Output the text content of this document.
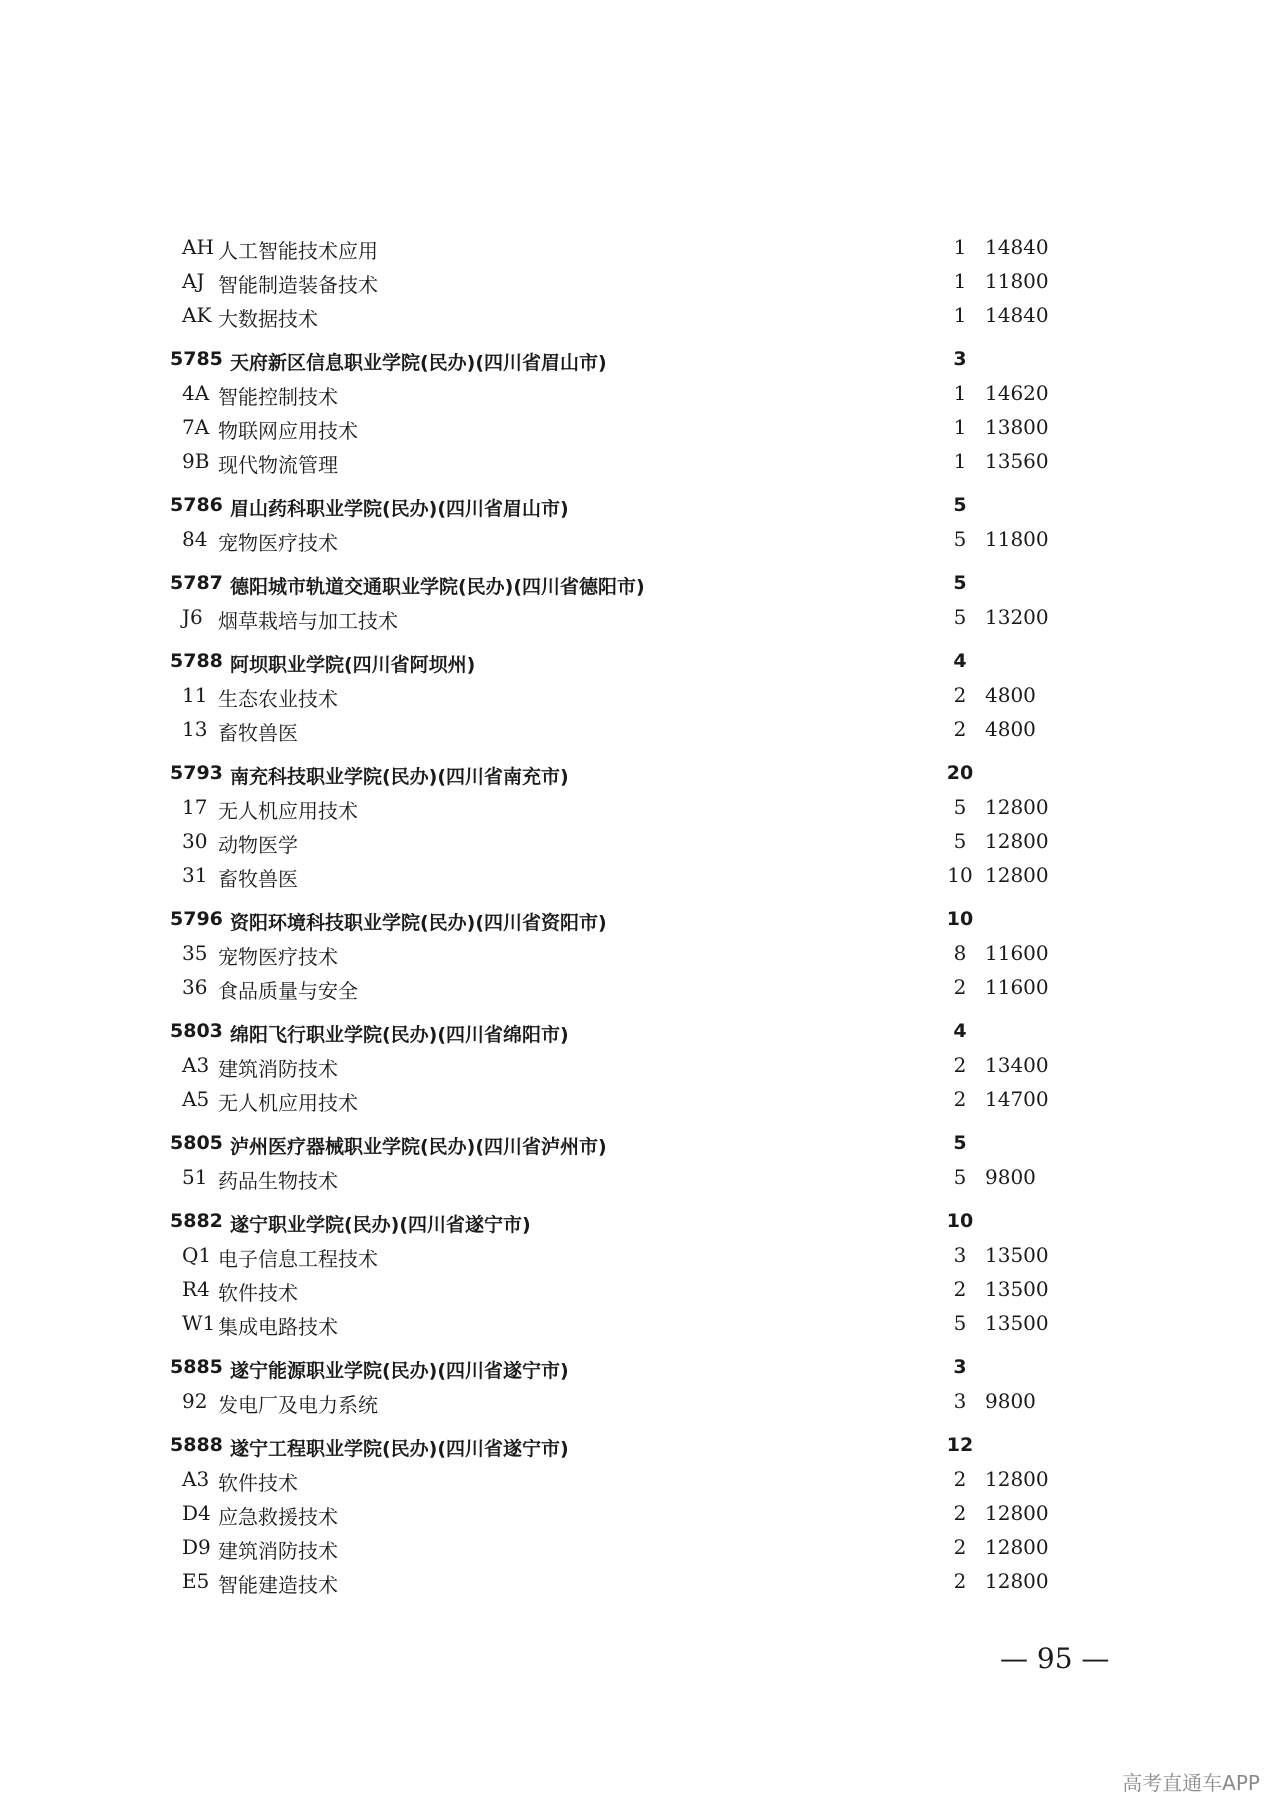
AH 人工智能技术应用	1 14840
AJ 智能制造装备技术	1 11800
AK 大数据技术	1 14840
5785 天府新区信息职业学院(民办)(四川省眉山市)	3
4A 智能控制技术	1 14620
7A 物联网应用技术	1 13800
9B 现代物流管理	1 13560
5786 眉山药科职业学院(民办)(四川省眉山市)	5
84 宠物医疗技术	5 11800
5787 德阳城市轨道交通职业学院(民办)(四川省德阳市)	5
J6 烟草栽培与加工技术	5 13200
5788 阿坝职业学院(四川省阿坝州)	4
11 生态农业技术	2 4800
13 畜牧兽医	2 4800
5793 南充科技职业学院(民办)(四川省南充市)	20
17 无人机应用技术	5 12800
30 动物医学	5 12800
31 畜牧兽医	10 12800
5796 资阳环境科技职业学院(民办)(四川省资阳市)	10
35 宠物医疗技术	8 11600
36 食品质量与安全	2 11600
5803 绵阳飞行职业学院(民办)(四川省绵阳市)	4
A3 建筑消防技术	2 13400
A5 无人机应用技术	2 14700
5805 泸州医疗器械职业学院(民办)(四川省泸州市)	5
51 药品生物技术	5 9800
5882 遂宁职业学院(民办)(四川省遂宁市)	10
Q1 电子信息工程技术	3 13500
R4 软件技术	2 13500
W1 集成电路技术	5 13500
5885 遂宁能源职业学院(民办)(四川省遂宁市)	3
92 发电厂及电力系统	3 9800
5888 遂宁工程职业学院(民办)(四川省遂宁市)	12
A3 软件技术	2 12800
D4 应急救援技术	2 12800
D9 建筑消防技术	2 12800
E5 智能建造技术	2 12800
— 95 —
高考直通车APP
